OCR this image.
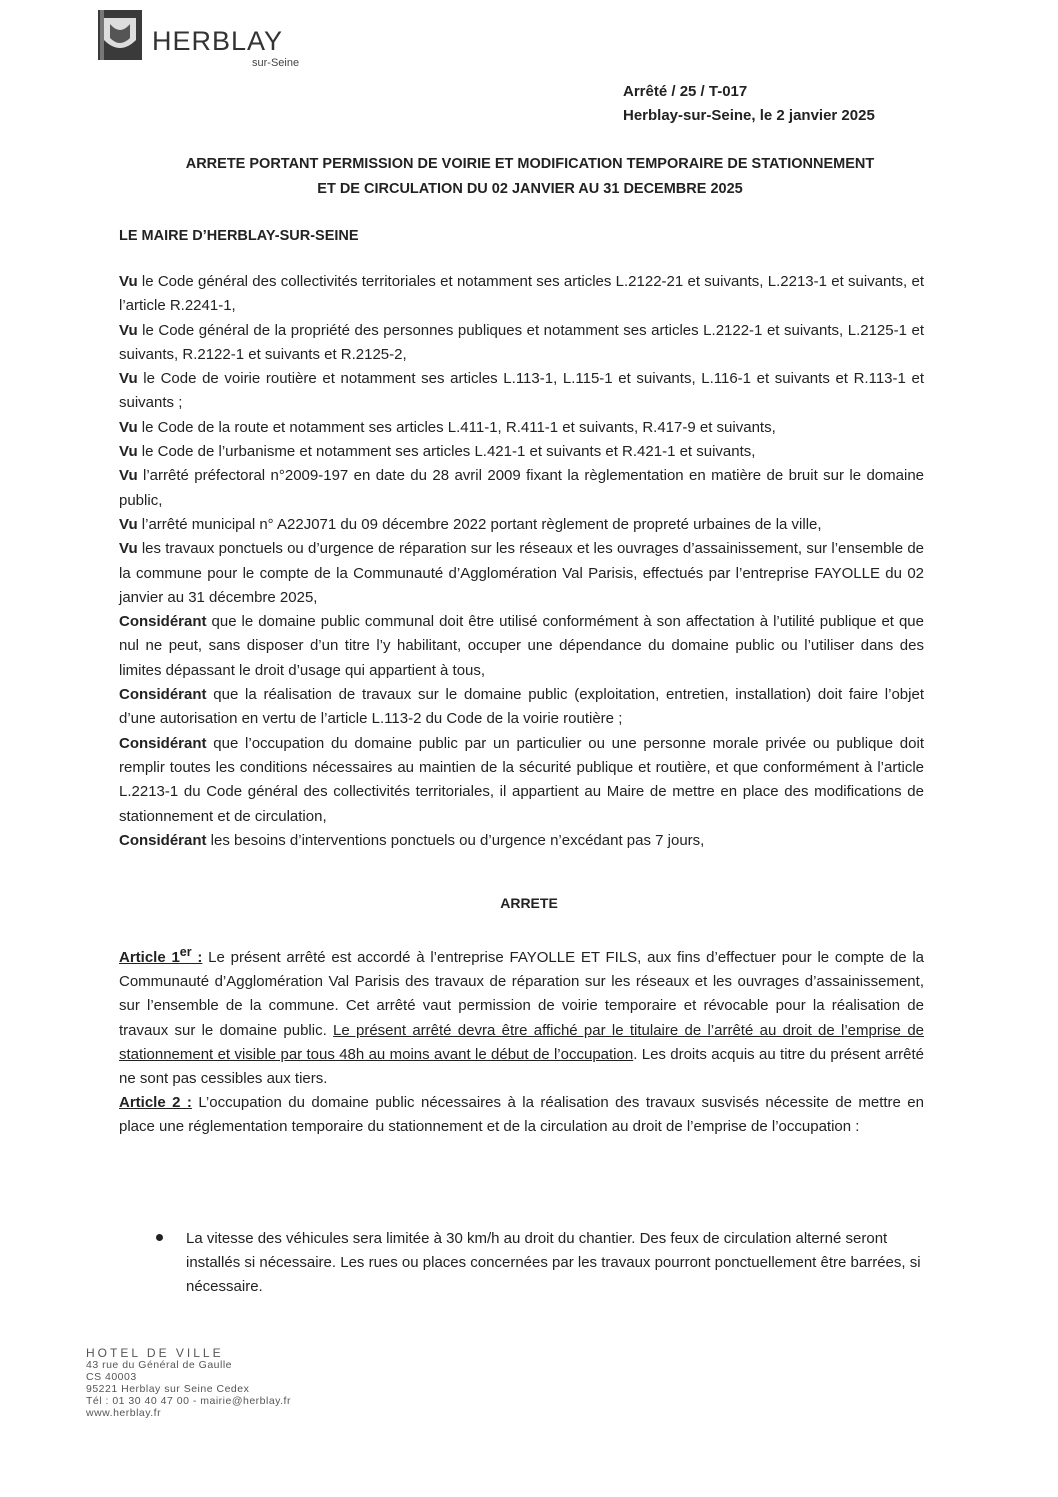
HERBLAY
sur-Seine
Arrêté / 25 / T-017
Herblay-sur-Seine, le 2 janvier 2025
ARRETE PORTANT PERMISSION DE VOIRIE ET MODIFICATION TEMPORAIRE DE STATIONNEMENT
ET DE CIRCULATION DU 02 JANVIER AU 31 DECEMBRE 2025
LE MAIRE D’HERBLAY-SUR-SEINE

Vu le Code général des collectivités territoriales et notamment ses articles L.2122-21 et suivants, L.2213-1 et suivants, et l’article R.2241-1,

Vu le Code général de la propriété des personnes publiques et notamment ses articles L.2122-1 et suivants, L.2125-1 et suivants, R.2122-1 et suivants et R.2125-2,

Vu le Code de voirie routière et notamment ses articles L.113-1, L.115-1 et suivants, L.116-1 et suivants et R.113-1 et suivants ;

Vu le Code de la route et notamment ses articles L.411-1, R.411-1 et suivants, R.417-9 et suivants,

Vu le Code de l’urbanisme et notamment ses articles L.421-1 et suivants et R.421-1 et suivants,

Vu l’arrêté préfectoral n°2009-197 en date du 28 avril 2009 fixant la règlementation en matière de bruit sur le domaine public,

Vu l’arrêté municipal n° A22J071 du 09 décembre 2022 portant règlement de propreté urbaines de la ville,

Vu les travaux ponctuels ou d’urgence de réparation sur les réseaux et les ouvrages d’assainissement, sur l’ensemble de la commune pour le compte de la Communauté d’Agglomération Val Parisis, effectués par l’entreprise FAYOLLE du 02 janvier au 31 décembre 2025,

Considérant que le domaine public communal doit être utilisé conformément à son affectation à l’utilité publique et que nul ne peut, sans disposer d’un titre l’y habilitant, occuper une dépendance du domaine public ou l’utiliser dans des limites dépassant le droit d’usage qui appartient à tous,

Considérant que la réalisation de travaux sur le domaine public (exploitation, entretien, installation) doit faire l’objet d’une autorisation en vertu de l’article L.113-2 du Code de la voirie routière ;

Considérant que l’occupation du domaine public par un particulier ou une personne morale privée ou publique doit remplir toutes les conditions nécessaires au maintien de la sécurité publique et routière, et que conformément à l’article L.2213-1 du Code général des collectivités territoriales, il appartient au Maire de mettre en place des modifications de stationnement et de circulation,

Considérant les besoins d’interventions ponctuels ou d’urgence n’excédant pas 7 jours,

ARRETE

Article 1er : Le présent arrêté est accordé à l’entreprise FAYOLLE ET FILS, aux fins d’effectuer pour le compte de la Communauté d’Agglomération Val Parisis des travaux de réparation sur les réseaux et les ouvrages d’assainissement, sur l’ensemble de la commune. Cet arrêté vaut permission de voirie temporaire et révocable pour la réalisation de travaux sur le domaine public. Le présent arrêté devra être affiché par le titulaire de l’arrêté au droit de l’emprise de stationnement et visible par tous 48h au moins avant le début de l’occupation. Les droits acquis au titre du présent arrêté ne sont pas cessibles aux tiers.

Article 2 : L’occupation du domaine public nécessaires à la réalisation des travaux susvisés nécessite de mettre en place une réglementation temporaire du stationnement et de la circulation au droit de l’emprise de l’occupation :

La vitesse des véhicules sera limitée à 30 km/h au droit du chantier. Des feux de circulation alterné seront installés si nécessaire. Les rues ou places concernées par les travaux pourront ponctuellement être barrées, si nécessaire.
HOTEL DE VILLE
43 rue du Général de Gaulle
CS 40003
95221 Herblay sur Seine Cedex
Tél : 01 30 40 47 00 - mairie@herblay.fr
www.herblay.fr
